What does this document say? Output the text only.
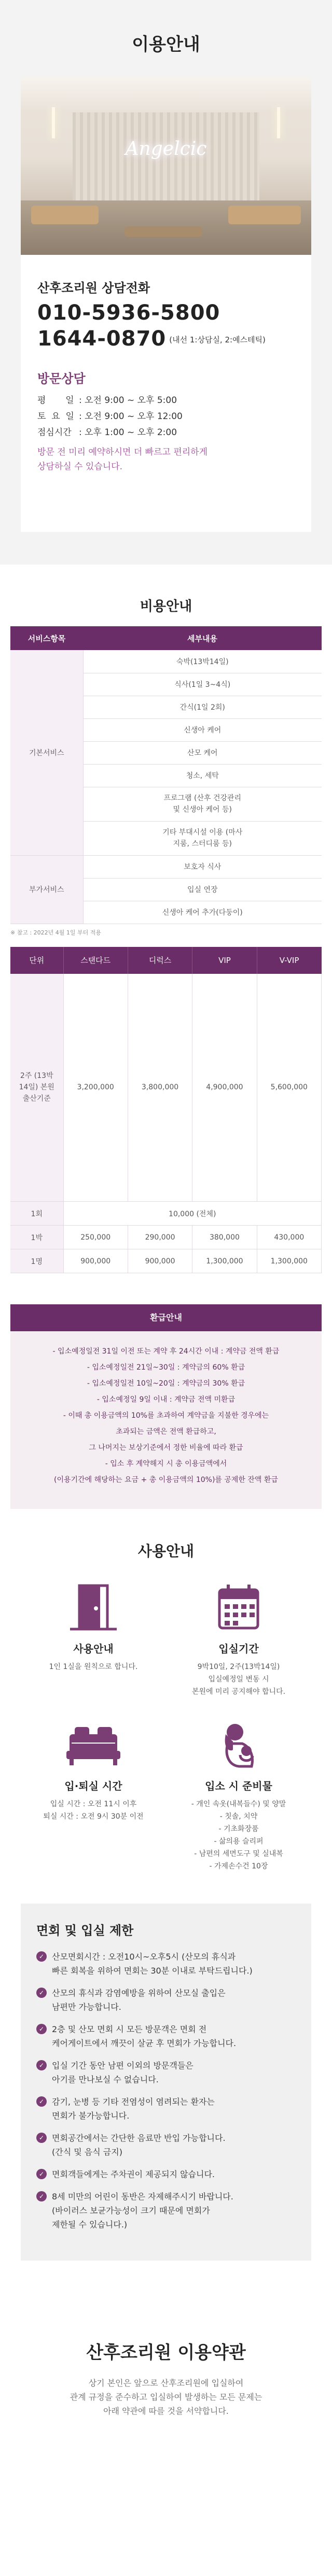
이용안내
Angelcic
산후조리원 상담전화
010-5936-5800
1644-0870 (내선 1:상담실, 2:예스테틱)
방문상담
평       일 : 오전 9:00 ~ 오후 5:00
토  요  일 : 오전 9:00 ~ 오후 12:00
점심시간 : 오후 1:00 ~ 오후 2:00
방문 전 미리 예약하시면 더 빠르고 편리하게
상담하실 수 있습니다.
비용안내
서비스항목	세부내용
기본서비스	숙박(13박14일)
	식사(1일 3~4식)
	간식(1일 2회)
	신생아 케어
	산모 케어
	청소, 세탁
	프로그램 (산후 건강관리 및 신생아 케어 등)
	기타 부대시설 이용 (마사지룸, 스터디룸 등)
부가서비스	보호자 식사
	입실 연장
	신생아 케어 추가(다둥이)
※ 참고 : 2022년 4월 1일 부터 적용
단위	스탠다드	디럭스	VIP	V-VIP
2주 (13박 14일) 본원출산기준	3,200,000	3,800,000	4,900,000	5,600,000
1회	10,000 (전체)			
1박	250,000	290,000	380,000	430,000
1명	900,000	900,000	1,300,000	1,300,000
환급안내
- 입소예정일전 31일 이전 또는 계약 후 24시간 이내 : 계약금 전액 환급
- 입소예정일전 21일~30일 : 계약금의 60% 환급
- 입소예정일전 10일~20일 : 계약금의 30% 환급
- 입소예정일 9일 이내 : 계약금 전액 미환급
- 이때 총 이용금액의 10%를 초과하여 계약금을 지불한 경우에는
초과되는 금액은 전액 환급하고,
그 나머지는 보상기준에서 정한 비율에 따라 환급
- 입소 후 계약해지 시 총 이용금액에서
(이용기간에 해당하는 요금 + 총 이용금액의 10%)를 공제한 잔액 환급
사용안내
사용안내
1인 1실을 원칙으로 합니다.
입실기간
9박10일, 2주(13박14일)
입실예정일 변동 시
본원에 미리 공지해야 합니다.
입·퇴실 시간
입실 시간 : 오전 11시 이후
퇴실 시간 : 오전 9시 30분 이전
입소 시 준비물
- 개인 속옷(내복들수) 및 양말
- 칫솔, 치약
- 기초화장품
- 삶의용 슬리퍼
- 남편의 세면도구 및 실내복
- 가제손수건 10장
면회 및 입실 제한
✓ 산모면회시간 : 오전10시~오후5시 (산모의 휴식과
빠른 회복을 위하여 면회는 30분 이내로 부탁드립니다.)
✓ 산모의 휴식과 감염예방을 위하여 산모실 출입은
남편만 가능합니다.
✓ 2층 및 산모 면회 시 모든 방문객은 면회 전
케어게이트에서 깨끗이 살균 후 면회가 가능합니다.
✓ 입실 기간 동안 남편 이외의 방문객들은
아기를 만나보실 수 없습니다.
✓ 감기, 눈병 등 기타 전염성이 염려되는 환자는
면회가 불가능합니다.
✓ 면회공간에서는 간단한 음료만 반입 가능합니다.
(간식 및 음식 금지)
✓ 면회객들에게는 주차권이 제공되지 않습니다.
✓ 8세 미만의 어린이 동반은 자제해주시기 바랍니다.
(바이러스 보균가능성이 크기 때문에 면회가
제한될 수 있습니다.)
산후조리원 이용약관
상기 본인은 앞으로 산후조리원에 입실하여
관계 규정을 준수하고 입실하여 발생하는 모든 문제는
아래 약관에 따를 것을 서약합니다.
